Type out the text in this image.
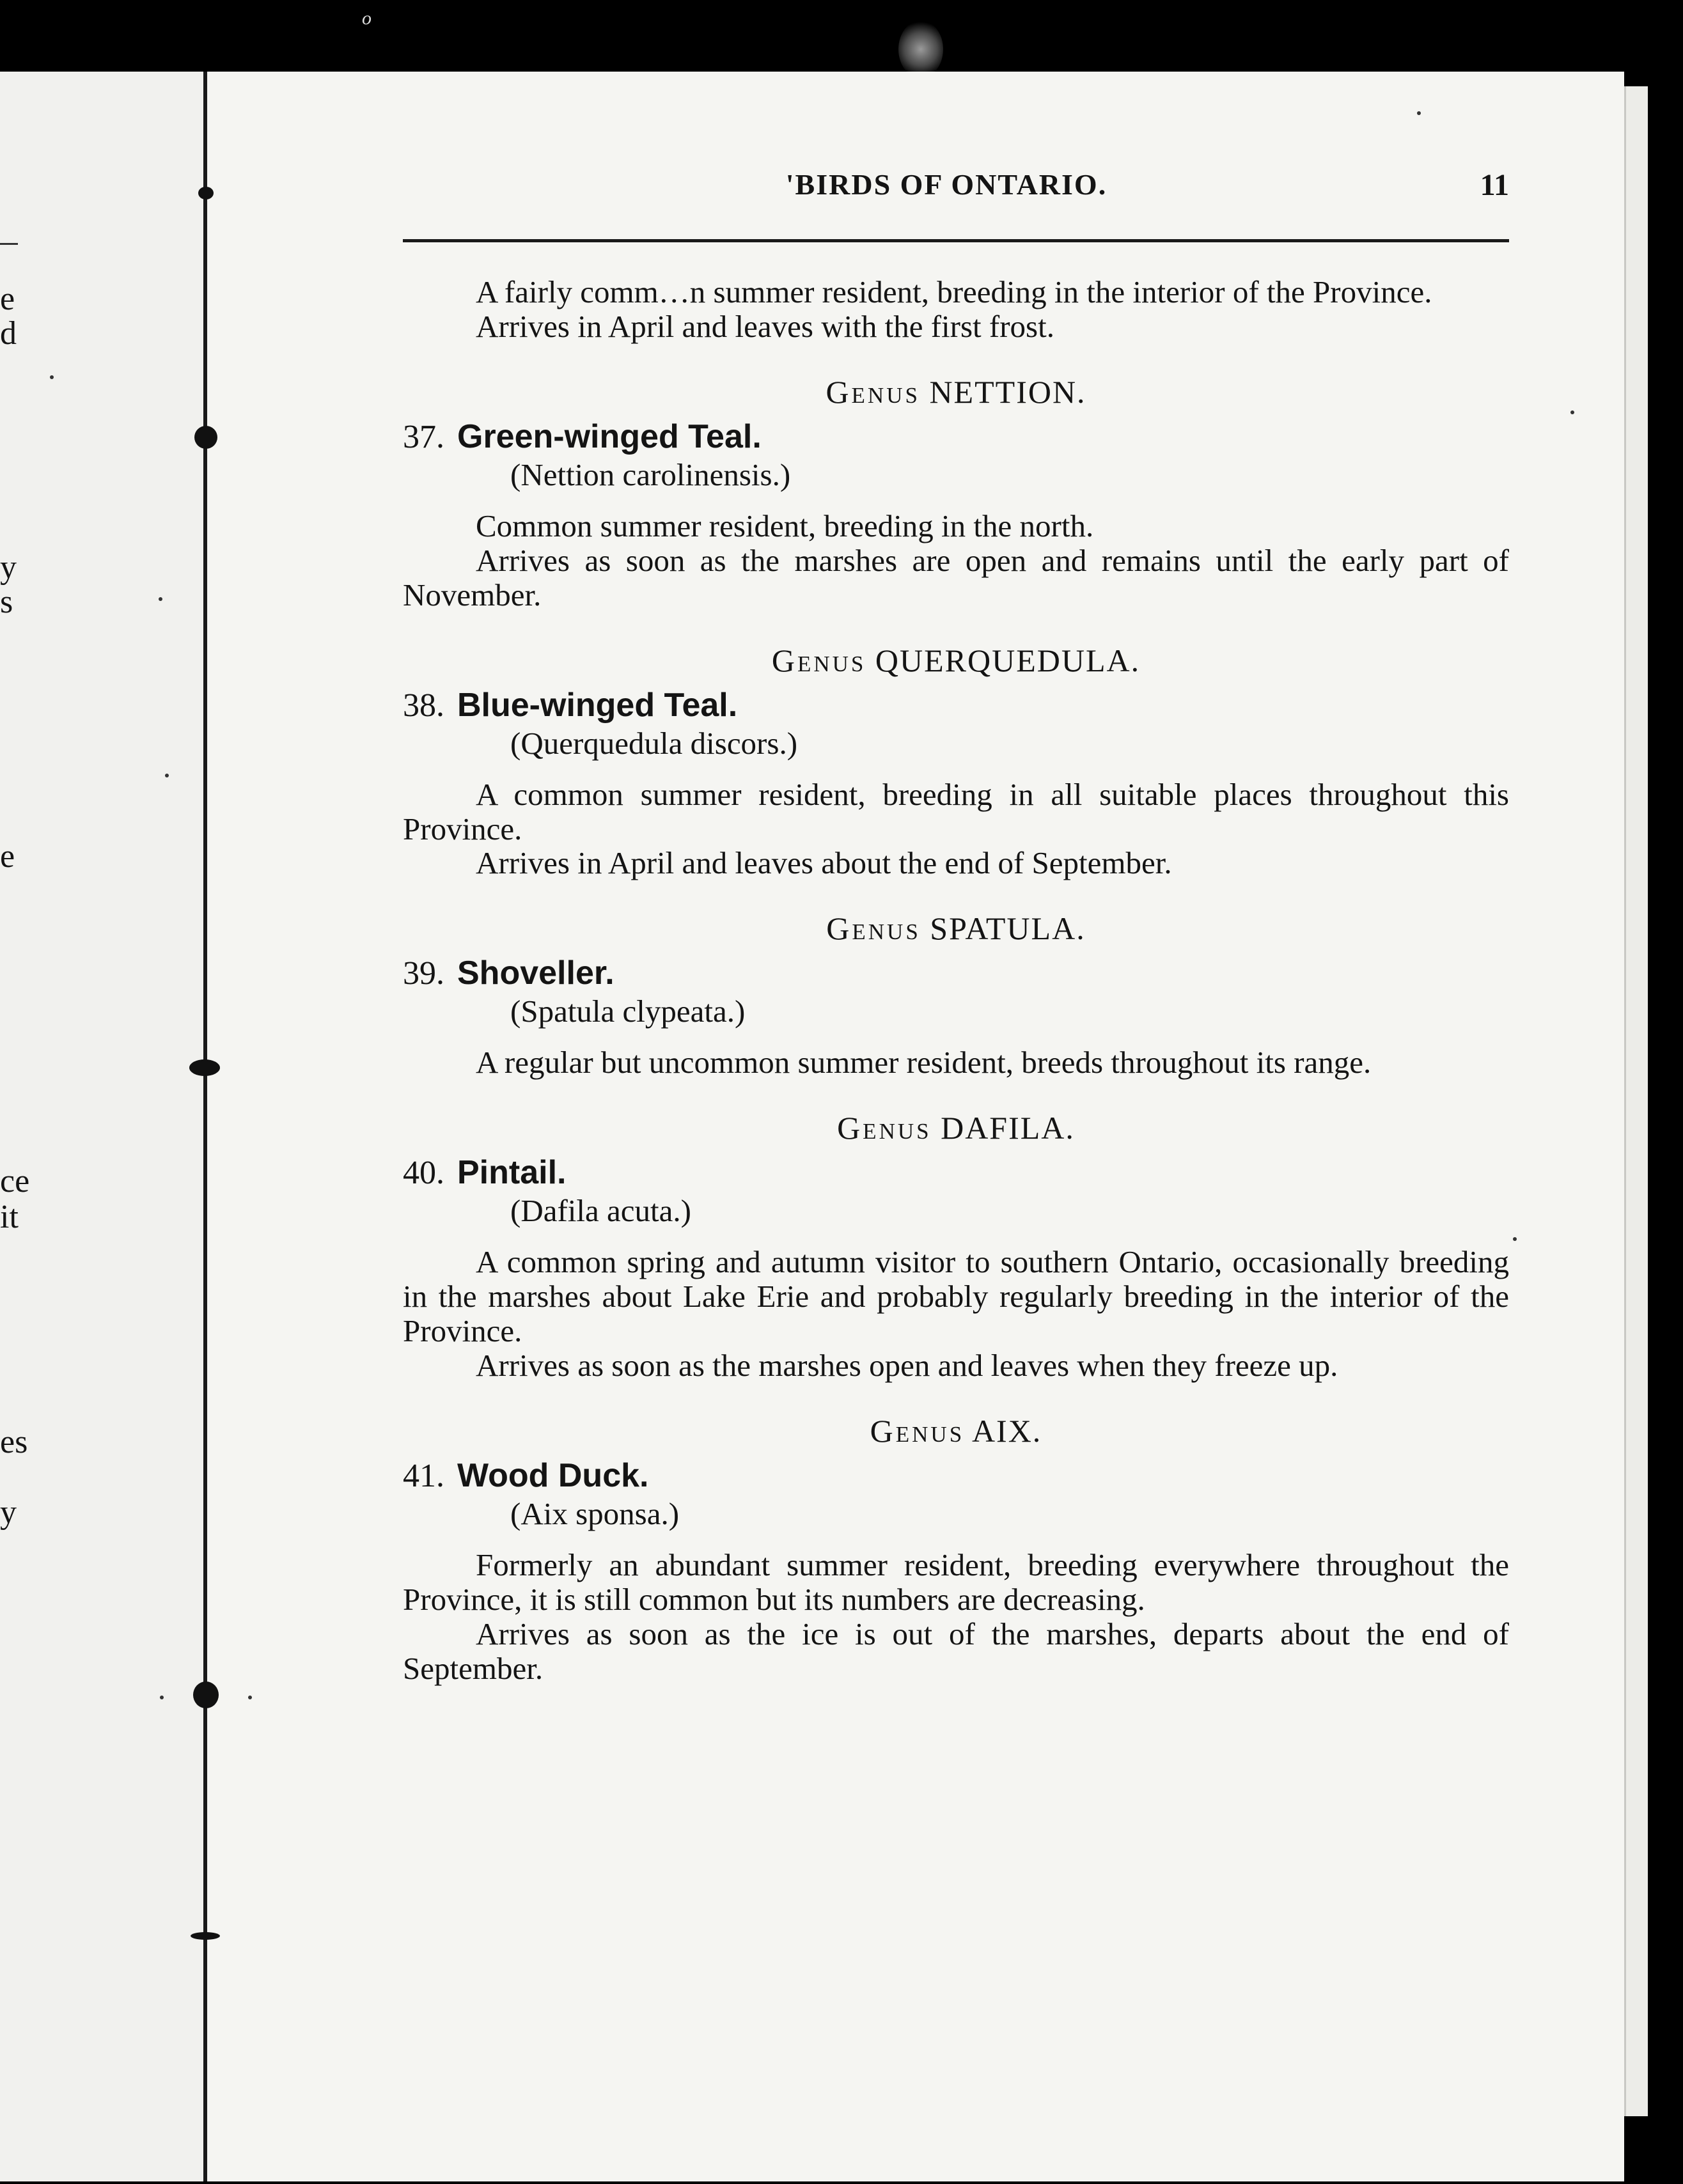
o
e
d
y
s
e
ce
it
es
y
'BIRDS OF ONTARIO.	11

A fairly comm…n summer resident, breeding in the interior of the Province.

Arrives in April and leaves with the first frost.

Genus NETTION.

37. Green-winged Teal.

(Nettion carolinensis.)

Common summer resident, breeding in the north.

Arrives as soon as the marshes are open and remains until the early part of November.

Genus QUERQUEDULA.

38. Blue-winged Teal.

(Querquedula discors.)

A common summer resident, breeding in all suitable places throughout this Province.

Arrives in April and leaves about the end of September.

Genus SPATULA.

39. Shoveller.

(Spatula clypeata.)

A regular but uncommon summer resident, breeds throughout its range.

Genus DAFILA.

40. Pintail.

(Dafila acuta.)

A common spring and autumn visitor to southern Ontario, occasionally breeding in the marshes about Lake Erie and probably regularly breeding in the interior of the Province.

Arrives as soon as the marshes open and leaves when they freeze up.

Genus AIX.

41. Wood Duck.

(Aix sponsa.)

Formerly an abundant summer resident, breeding everywhere throughout the Province, it is still common but its numbers are decreasing.

Arrives as soon as the ice is out of the marshes, departs about the end of September.
